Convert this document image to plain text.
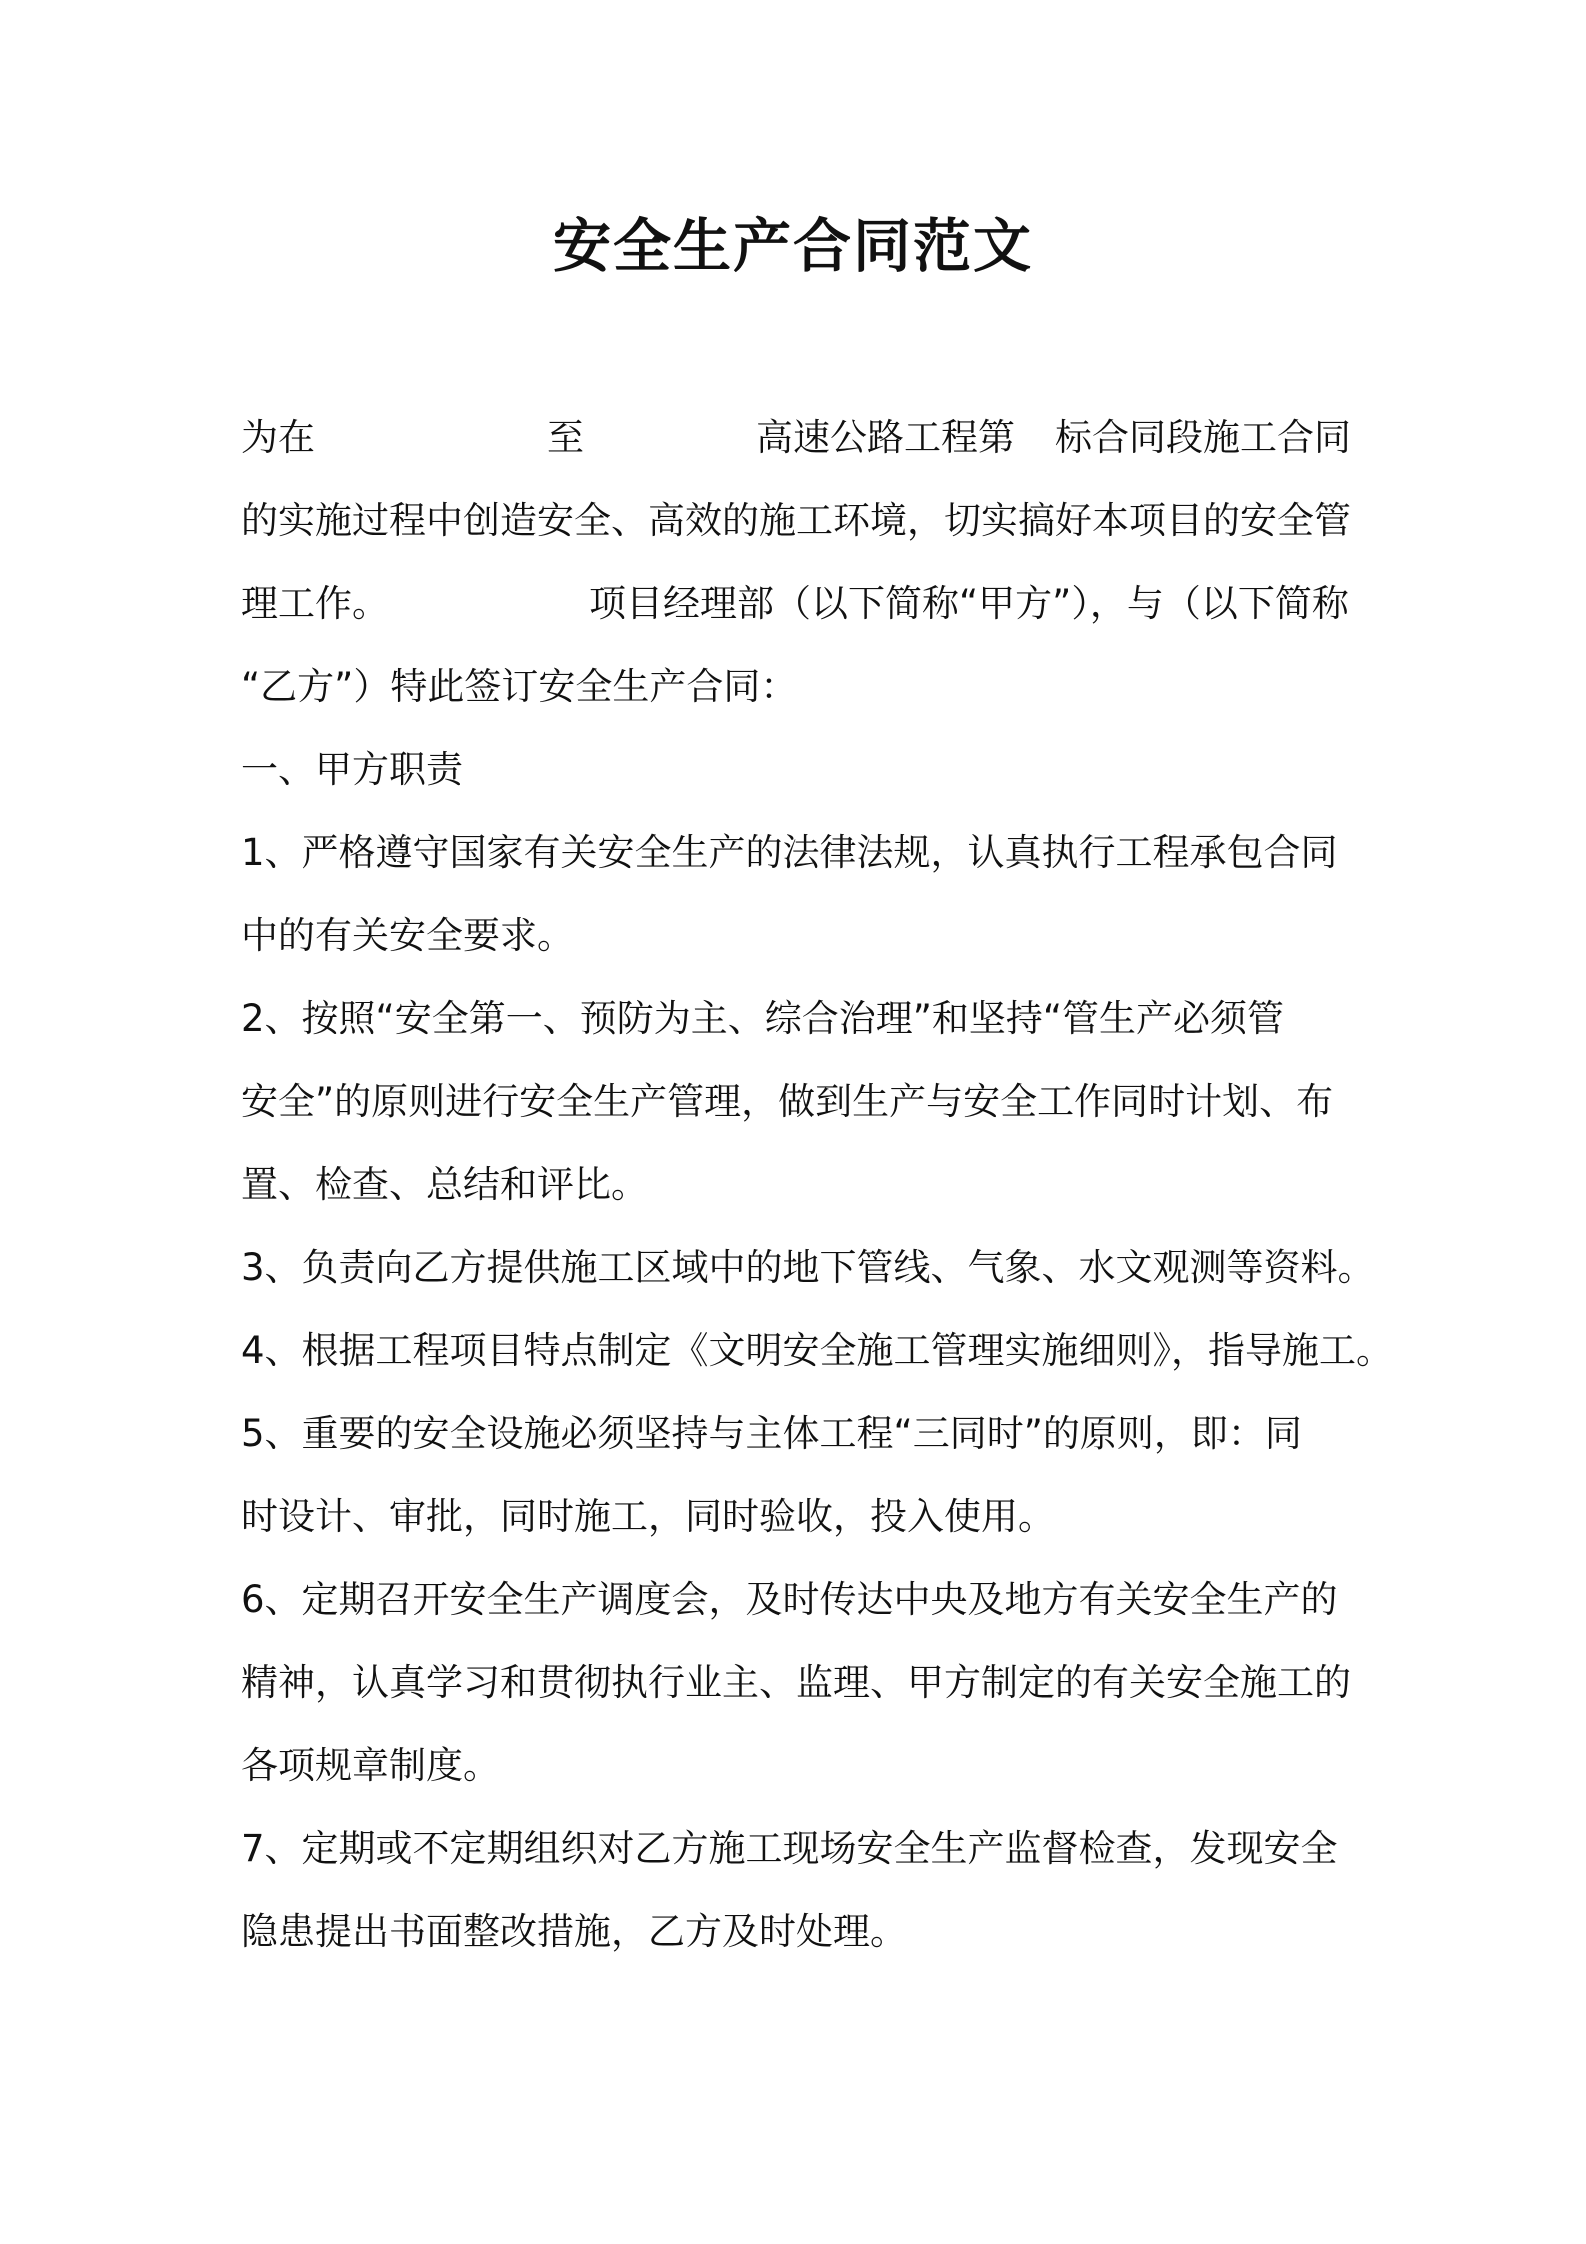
安全生产合同范文
为在	至	高速公路工程第 标合同段施工合同
的实施过程中创造安全、高效的施工环境，切实搞好本项目的安全管
理工作。	项目经理部（以下简称“甲方”），与（以下简称
“乙方”）特此签订安全生产合同：
一、甲方职责
1、严格遵守国家有关安全生产的法律法规，认真执行工程承包合同
中的有关安全要求。
2、按照“安全第一、预防为主、综合治理”和坚持“管生产必须管
安全”的原则进行安全生产管理，做到生产与安全工作同时计划、布
置、检查、总结和评比。
3、负责向乙方提供施工区域中的地下管线、气象、水文观测等资料。
4、根据工程项目特点制定《文明安全施工管理实施细则》，指导施工。
5、重要的安全设施必须坚持与主体工程“三同时”的原则，即：同
时设计、审批，同时施工，同时验收，投入使用。
6、定期召开安全生产调度会，及时传达中央及地方有关安全生产的
精神，认真学习和贯彻执行业主、监理、甲方制定的有关安全施工的
各项规章制度。
7、定期或不定期组织对乙方施工现场安全生产监督检查，发现安全
隐患提出书面整改措施，乙方及时处理。
